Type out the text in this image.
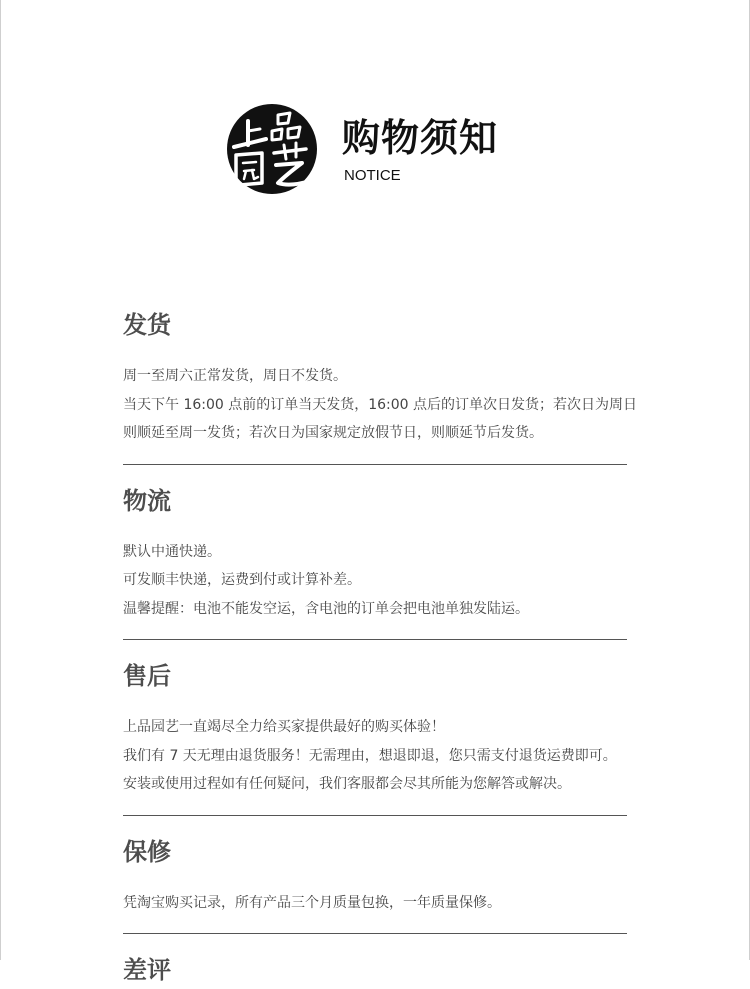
购物须知
NOTICE
发货

周一至周六正常发货，周日不发货。

当天下午 16:00 点前的订单当天发货，16:00 点后的订单次日发货；若次日为周日

则顺延至周一发货；若次日为国家规定放假节日，则顺延节后发货。

物流

默认中通快递。

可发顺丰快递，运费到付或计算补差。

温馨提醒：电池不能发空运，含电池的订单会把电池单独发陆运。

售后

上品园艺一直竭尽全力给买家提供最好的购买体验！

我们有 7 天无理由退货服务！无需理由，想退即退，您只需支付退货运费即可。

安装或使用过程如有任何疑问，我们客服都会尽其所能为您解答或解决。

保修

凭淘宝购买记录，所有产品三个月质量包换，一年质量保修。

差评
